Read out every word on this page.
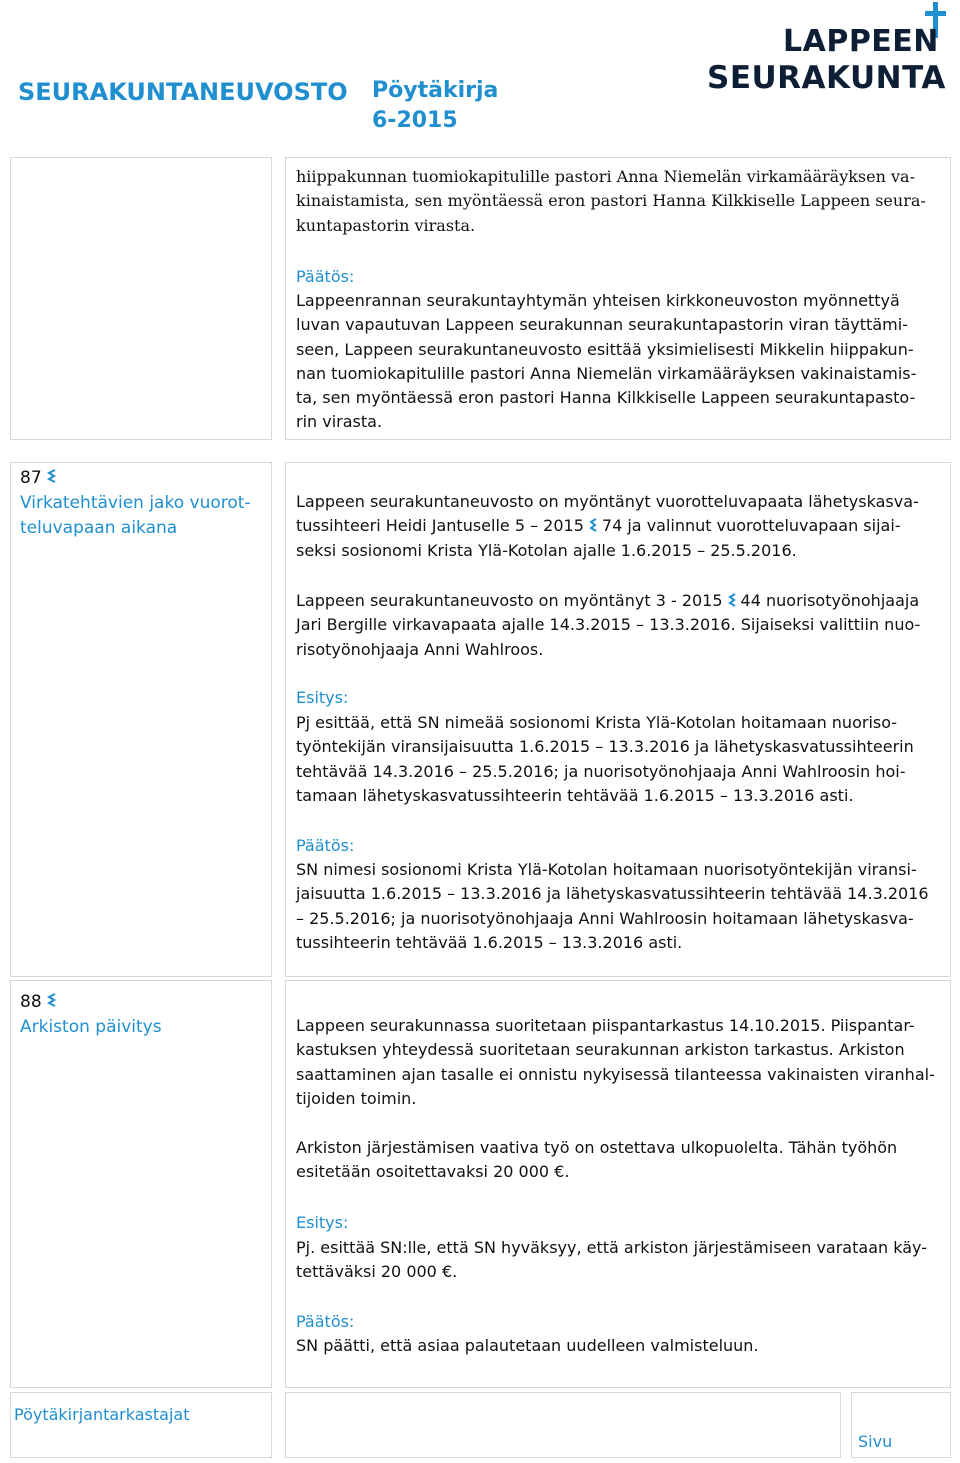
SEURAKUNTANEUVOSTO Pöytäkirja
6-2015
LAPPEEN
SEURAKUNTA
hiippakunnan tuomiokapitulille pastori Anna Niemelän virkamääräyksen va-
kinaistamista, sen myöntäessä eron pastori Hanna Kilkkiselle Lappeen seura-
kuntapastorin virasta.
Päätös:
Lappeenrannan seurakuntayhtymän yhteisen kirkkoneuvoston myönnettyä
luvan vapautuvan Lappeen seurakunnan seurakuntapastorin viran täyttämi-
seen, Lappeen seurakuntaneuvosto esittää yksimielisesti Mikkelin hiippakun-
nan tuomiokapitulille pastori Anna Niemelän virkamääräyksen vakinaistamis-
ta, sen myöntäessä eron pastori Hanna Kilkkiselle Lappeen seurakuntapasto-
rin virasta.
87
Virkatehtävien jako vuorot-
teluvapaan aikana
Lappeen seurakuntaneuvosto on myöntänyt vuorotteluvapaata lähetyskasva-
tussihteeri Heidi Jantuselle 5 – 2015 74 ja valinnut vuorotteluvapaan sijai-
seksi sosionomi Krista Ylä-Kotolan ajalle 1.6.2015 – 25.5.2016.
Lappeen seurakuntaneuvosto on myöntänyt 3 - 2015 44 nuorisotyönohjaaja
Jari Bergille virkavapaata ajalle 14.3.2015 – 13.3.2016. Sijaiseksi valittiin nuo-
risotyönohjaaja Anni Wahlroos.
Esitys:
Pj esittää, että SN nimeää sosionomi Krista Ylä-Kotolan hoitamaan nuoriso-
työntekijän viransijaisuutta 1.6.2015 – 13.3.2016 ja lähetyskasvatussihteerin
tehtävää 14.3.2016 – 25.5.2016; ja nuorisotyönohjaaja Anni Wahlroosin hoi-
tamaan lähetyskasvatussihteerin tehtävää 1.6.2015 – 13.3.2016 asti.
Päätös:
SN nimesi sosionomi Krista Ylä-Kotolan hoitamaan nuorisotyöntekijän viransi-
jaisuutta 1.6.2015 – 13.3.2016 ja lähetyskasvatussihteerin tehtävää 14.3.2016
– 25.5.2016; ja nuorisotyönohjaaja Anni Wahlroosin hoitamaan lähetyskasva-
tussihteerin tehtävää 1.6.2015 – 13.3.2016 asti.
88
Arkiston päivitys	Lappeen seurakunnassa suoritetaan piispantarkastus 14.10.2015. Piispantar-
kastuksen yhteydessä suoritetaan seurakunnan arkiston tarkastus. Arkiston
saattaminen ajan tasalle ei onnistu nykyisessä tilanteessa vakinaisten viranhal-
tijoiden toimin.
Arkiston järjestämisen vaativa työ on ostettava ulkopuolelta. Tähän työhön
esitetään osoitettavaksi 20 000 €.
Esitys:
Pj. esittää SN:lle, että SN hyväksyy, että arkiston järjestämiseen varataan käy-
tettäväksi 20 000 €.
Päätös:
SN päätti, että asiaa palautetaan uudelleen valmisteluun.
Pöytäkirjantarkastajat
Sivu
